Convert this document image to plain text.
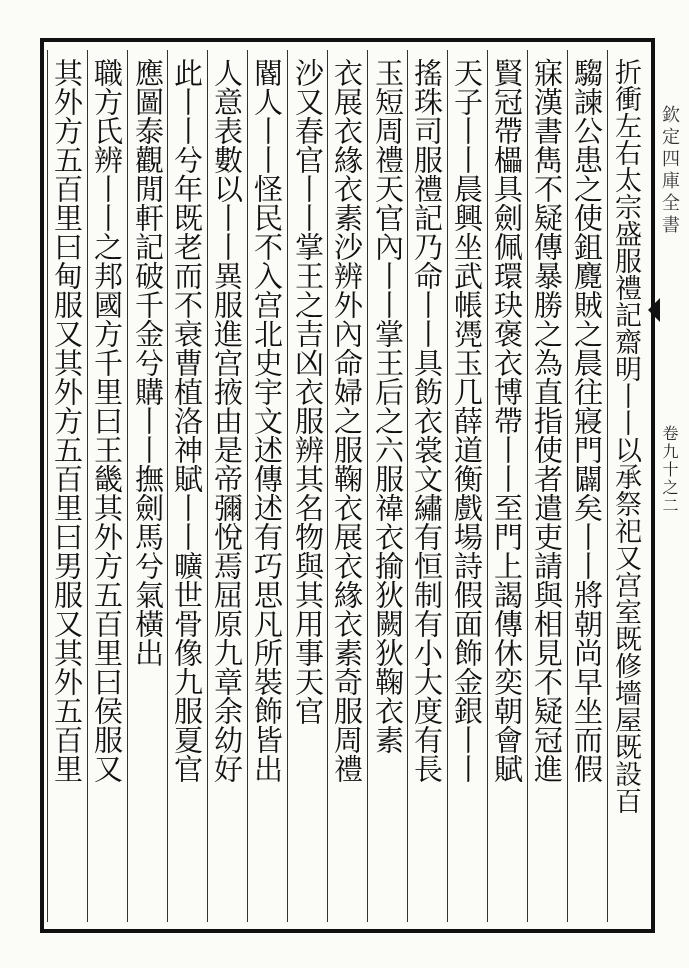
欽定四庫全書
卷九十之二
折衝左右太宗盛服禮記齋明丨丨以承祭祀又宫室既修墻屋既設百
騶諫公患之使鉏麑賊之晨往寢門闢矣丨丨將朝尚早坐而假
寐漢書雋不疑傳暴勝之為直指使者遣吏請與相見不疑冠進
賢冠帶櫑具劍佩環玦褒衣博帶丨丨至門上謁傳休奕朝會賦
天子丨丨晨興坐武帳凴玉几薛道衡戲場詩假面飾金銀丨丨
搖珠司服禮記乃命丨丨具飭衣裳文繡有恒制有小大度有長
玉短周禮天官內丨丨掌王后之六服禕衣揄狄闕狄鞠衣素
衣展衣緣衣素沙辨外內命婦之服鞠衣展衣緣衣素奇服周禮
沙又春官丨丨掌王之吉凶衣服辨其名物與其用事天官
閽人丨丨怪民不入宫北史宇文述傳述有巧思凡所裝飾皆出
人意表數以丨丨異服進宫掖由是帝彌悅焉屈原九章余幼好
此丨丨兮年既老而不衰曹植洛神賦丨丨曠世骨像九服夏官
應圖泰觀閒軒記破千金兮購丨丨撫劍馬兮氣橫出
職方氏辨丨丨之邦國方千里曰王畿其外方五百里曰侯服又
其外方五百里曰甸服又其外方五百里曰男服又其外五百里
